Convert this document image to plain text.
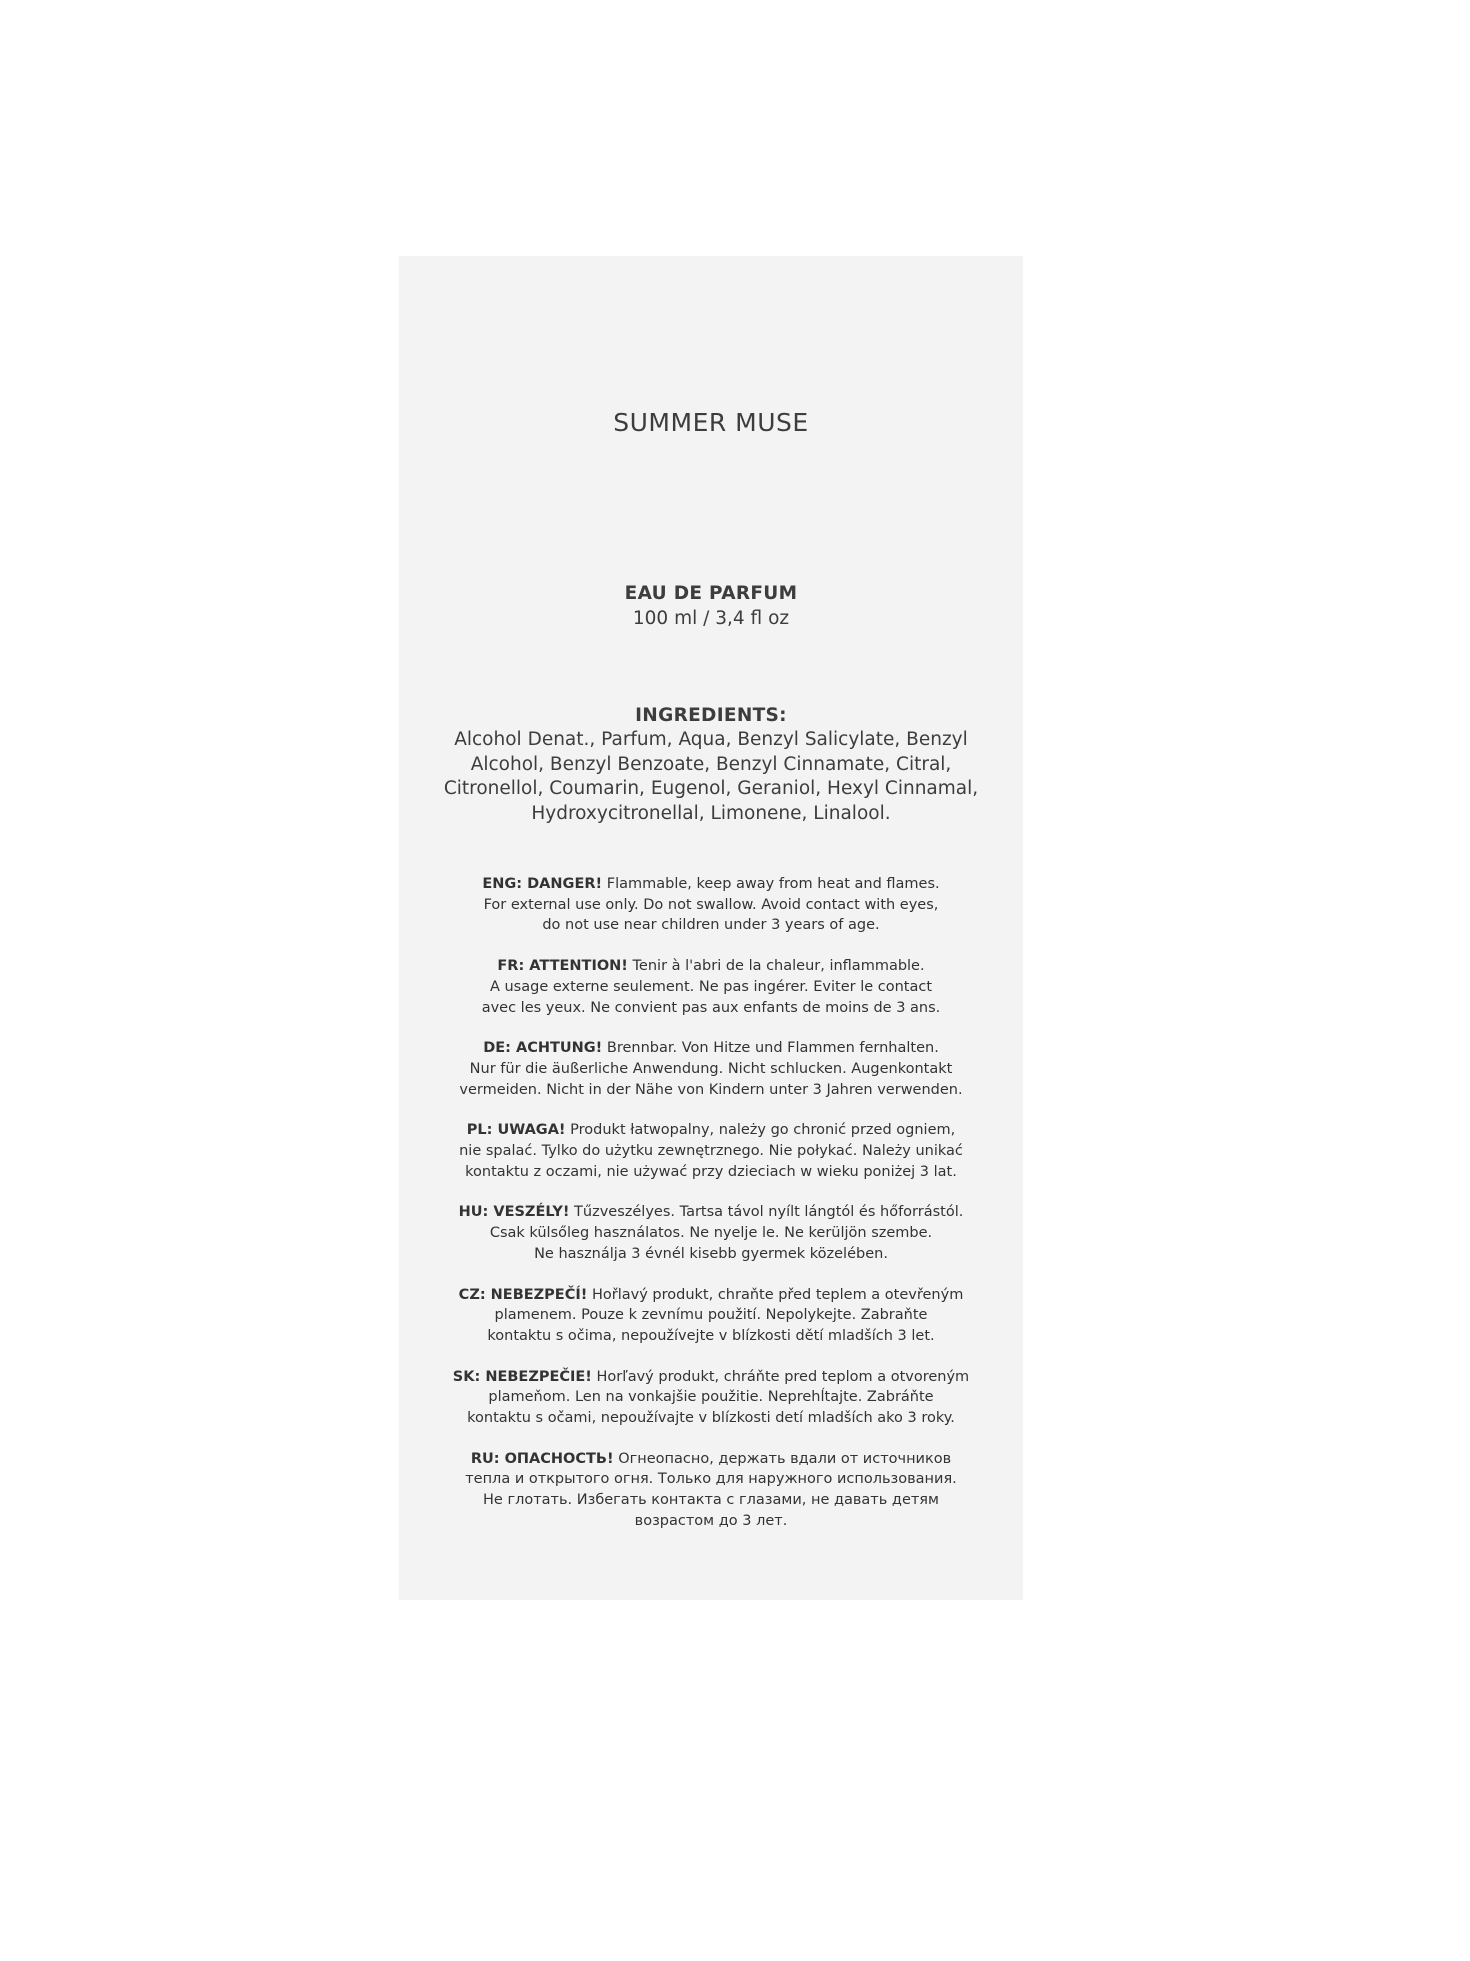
SUMMER MUSE
EAU DE PARFUM
100 ml / 3,4 fl oz
INGREDIENTS:
Alcohol Denat., Parfum, Aqua, Benzyl Salicylate, Benzyl Alcohol, Benzyl Benzoate, Benzyl Cinnamate, Citral, Citronellol, Coumarin, Eugenol, Geraniol, Hexyl Cinnamal, Hydroxycitronellal, Limonene, Linalool.
ENG: DANGER! Flammable, keep away from heat and flames.
For external use only. Do not swallow. Avoid contact with eyes,
do not use near children under 3 years of age.
FR: ATTENTION! Tenir à l'abri de la chaleur, inflammable.
A usage externe seulement. Ne pas ingérer. Eviter le contact
avec les yeux. Ne convient pas aux enfants de moins de 3 ans.
DE: ACHTUNG! Brennbar. Von Hitze und Flammen fernhalten.
Nur für die äußerliche Anwendung. Nicht schlucken. Augenkontakt
vermeiden. Nicht in der Nähe von Kindern unter 3 Jahren verwenden.
PL: UWAGA! Produkt łatwopalny, należy go chronić przed ogniem,
nie spalać. Tylko do użytku zewnętrznego. Nie połykać. Należy unikać
kontaktu z oczami, nie używać przy dzieciach w wieku poniżej 3 lat.
HU: VESZÉLY! Tűzveszélyes. Tartsa távol nyílt lángtól és hőforrástól.
Csak külsőleg használatos. Ne nyelje le. Ne kerüljön szembe.
Ne használja 3 évnél kisebb gyermek közelében.
CZ: NEBEZPEČÍ! Hořlavý produkt, chraňte před teplem a otevřeným
plamenem. Pouze k zevnímu použití. Nepolykejte. Zabraňte
kontaktu s očima, nepoužívejte v blízkosti dětí mladších 3 let.
SK: NEBEZPEČIE! Horľavý produkt, chráňte pred teplom a otvoreným
plameňom. Len na vonkajšie použitie. Neprehĺtajte. Zabráňte
kontaktu s očami, nepoužívajte v blízkosti detí mladších ako 3 roky.
RU: ОПАСНОСТЬ! Огнеопасно, держать вдали от источников
тепла и открытого огня. Только для наружного использования.
Не глотать. Избегать контакта с глазами, не давать детям
возрастом до 3 лет.
